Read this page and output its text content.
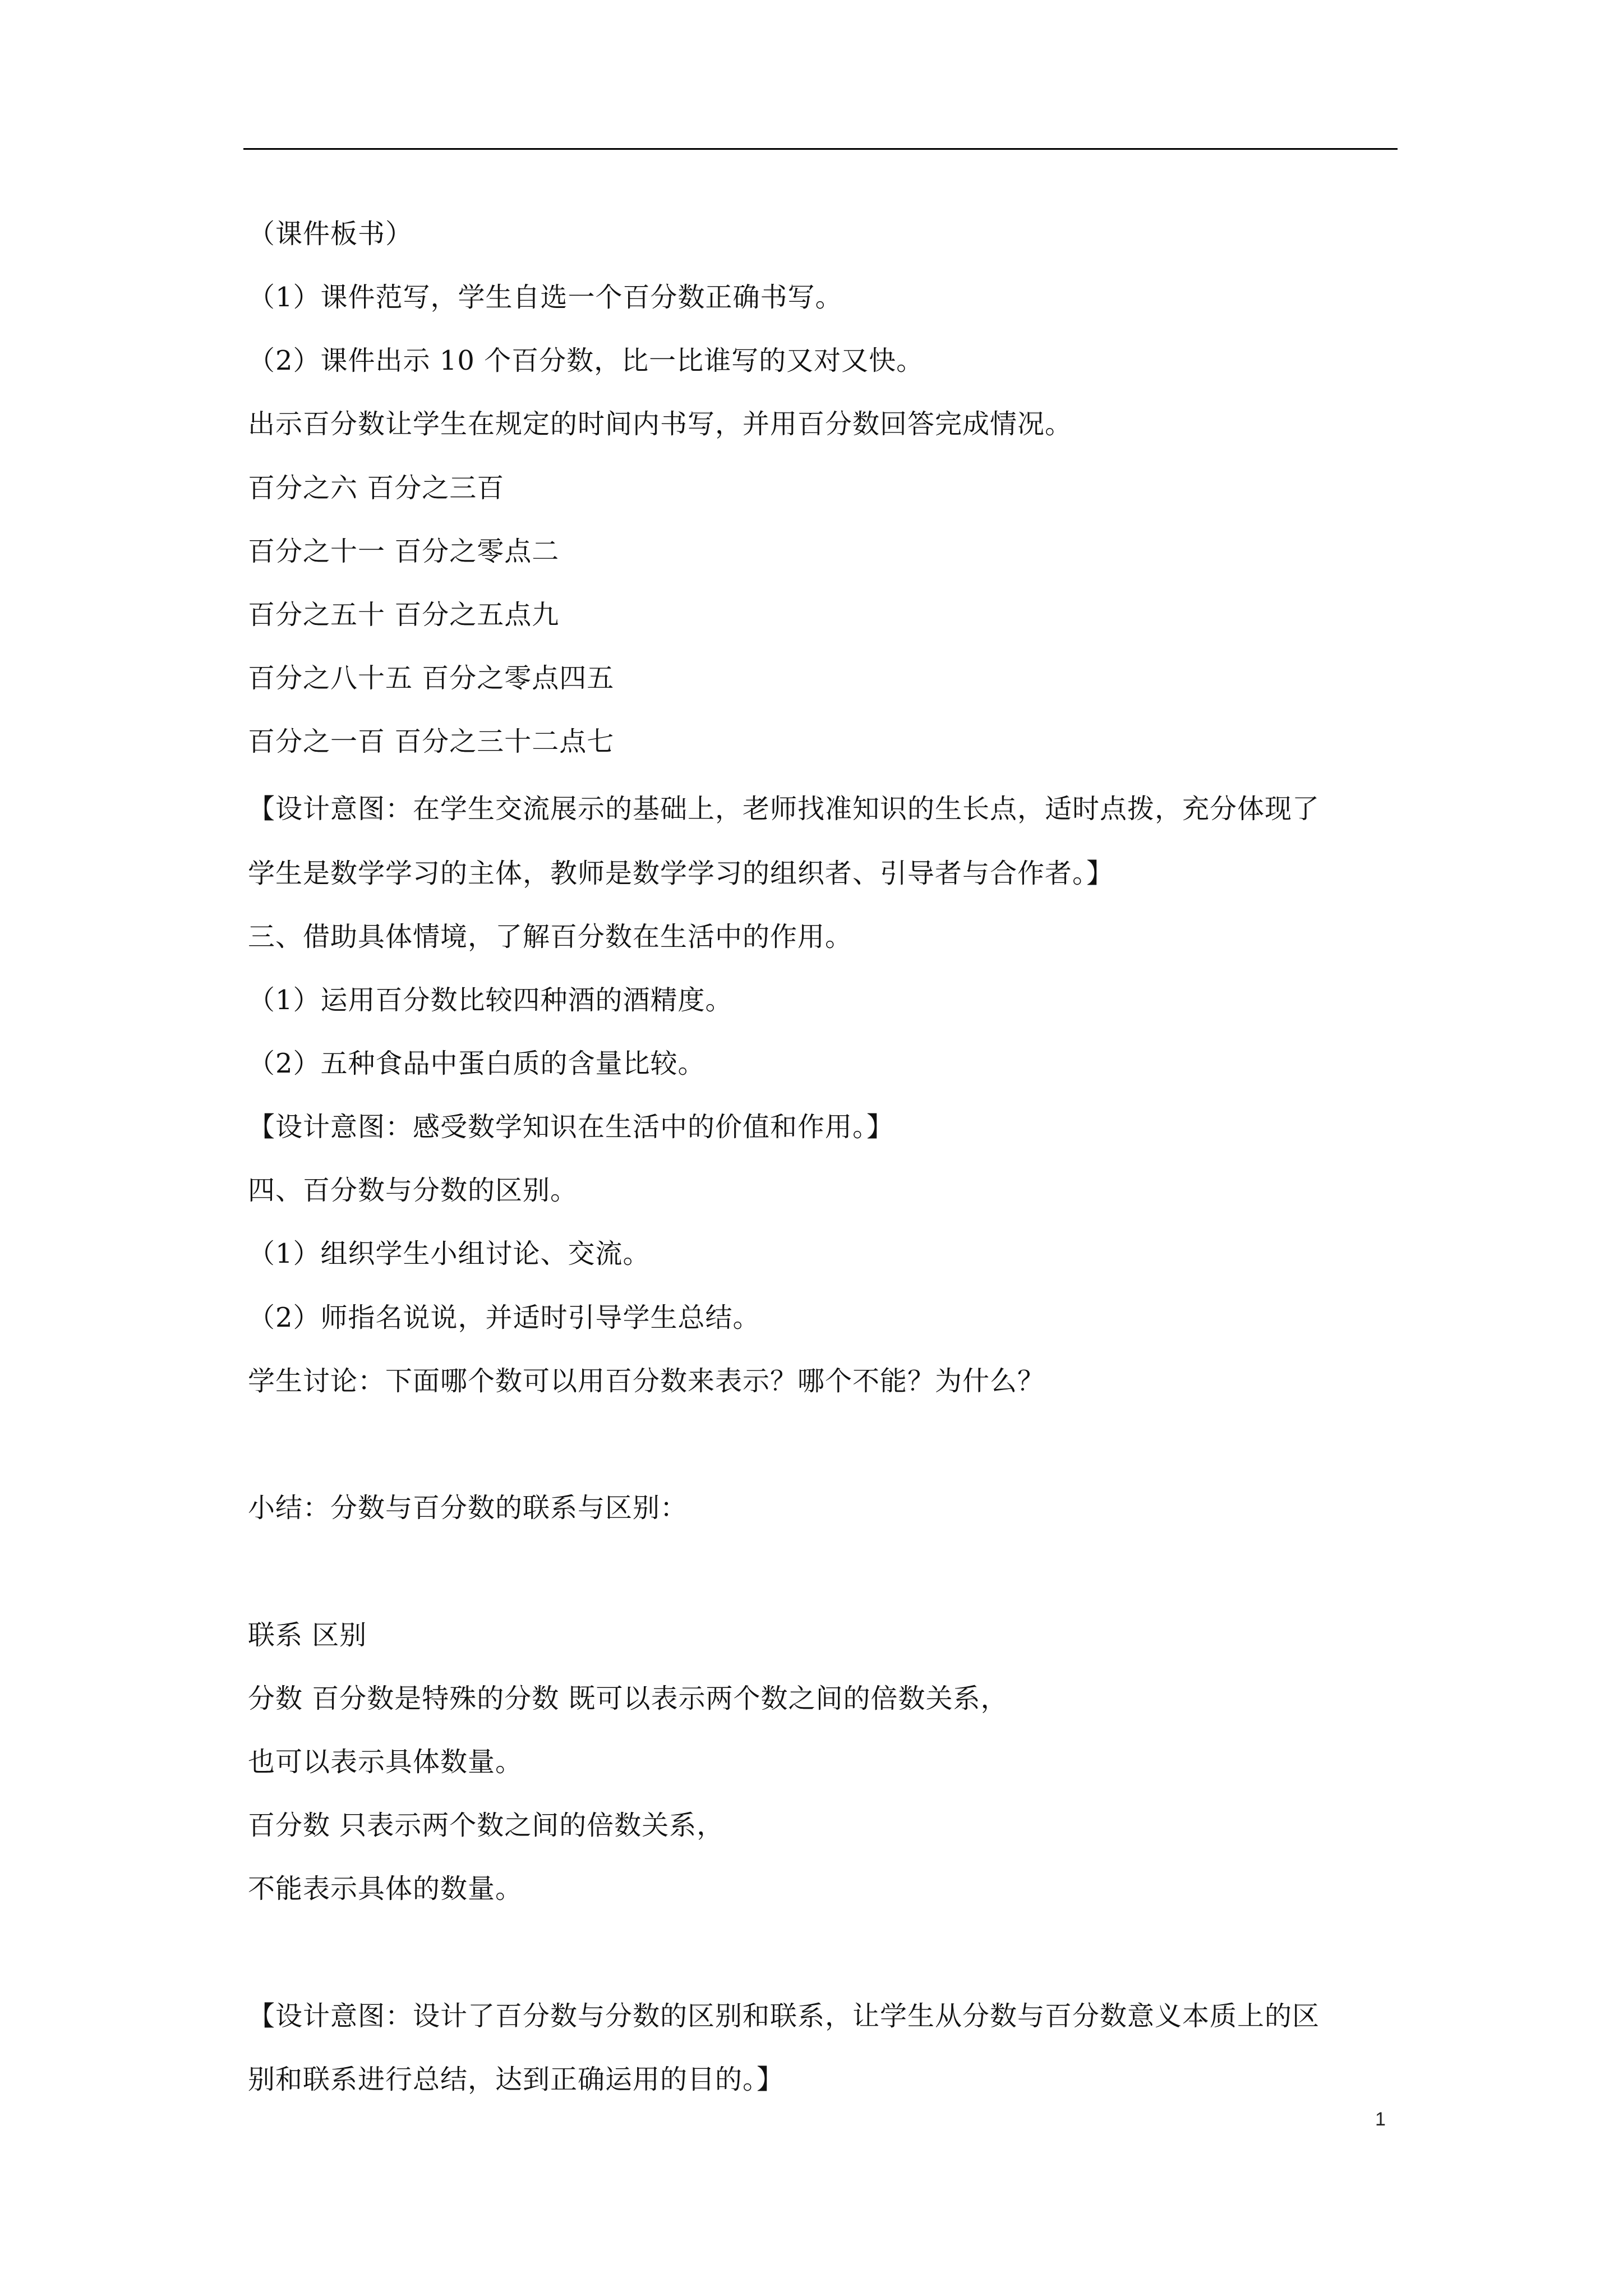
（课件板书）
（1）课件范写，学生自选一个百分数正确书写。
（2）课件出示 10 个百分数，比一比谁写的又对又快。
出示百分数让学生在规定的时间内书写，并用百分数回答完成情况。
百分之六 百分之三百
百分之十一 百分之零点二
百分之五十 百分之五点九
百分之八十五 百分之零点四五
百分之一百 百分之三十二点七
【设计意图：在学生交流展示的基础上，老师找准知识的生长点，适时点拨，充分体现了
学生是数学学习的主体，教师是数学学习的组织者、引导者与合作者。】
三、借助具体情境，了解百分数在生活中的作用。
（1）运用百分数比较四种酒的酒精度。
（2）五种食品中蛋白质的含量比较。
【设计意图：感受数学知识在生活中的价值和作用。】
四、百分数与分数的区别。
（1）组织学生小组讨论、交流。
（2）师指名说说，并适时引导学生总结。
学生讨论：下面哪个数可以用百分数来表示？哪个不能？为什么？
小结：分数与百分数的联系与区别：
联系 区别
分数 百分数是特殊的分数 既可以表示两个数之间的倍数关系，
也可以表示具体数量。
百分数 只表示两个数之间的倍数关系，
不能表示具体的数量。
【设计意图：设计了百分数与分数的区别和联系，让学生从分数与百分数意义本质上的区
别和联系进行总结，达到正确运用的目的。】
1
